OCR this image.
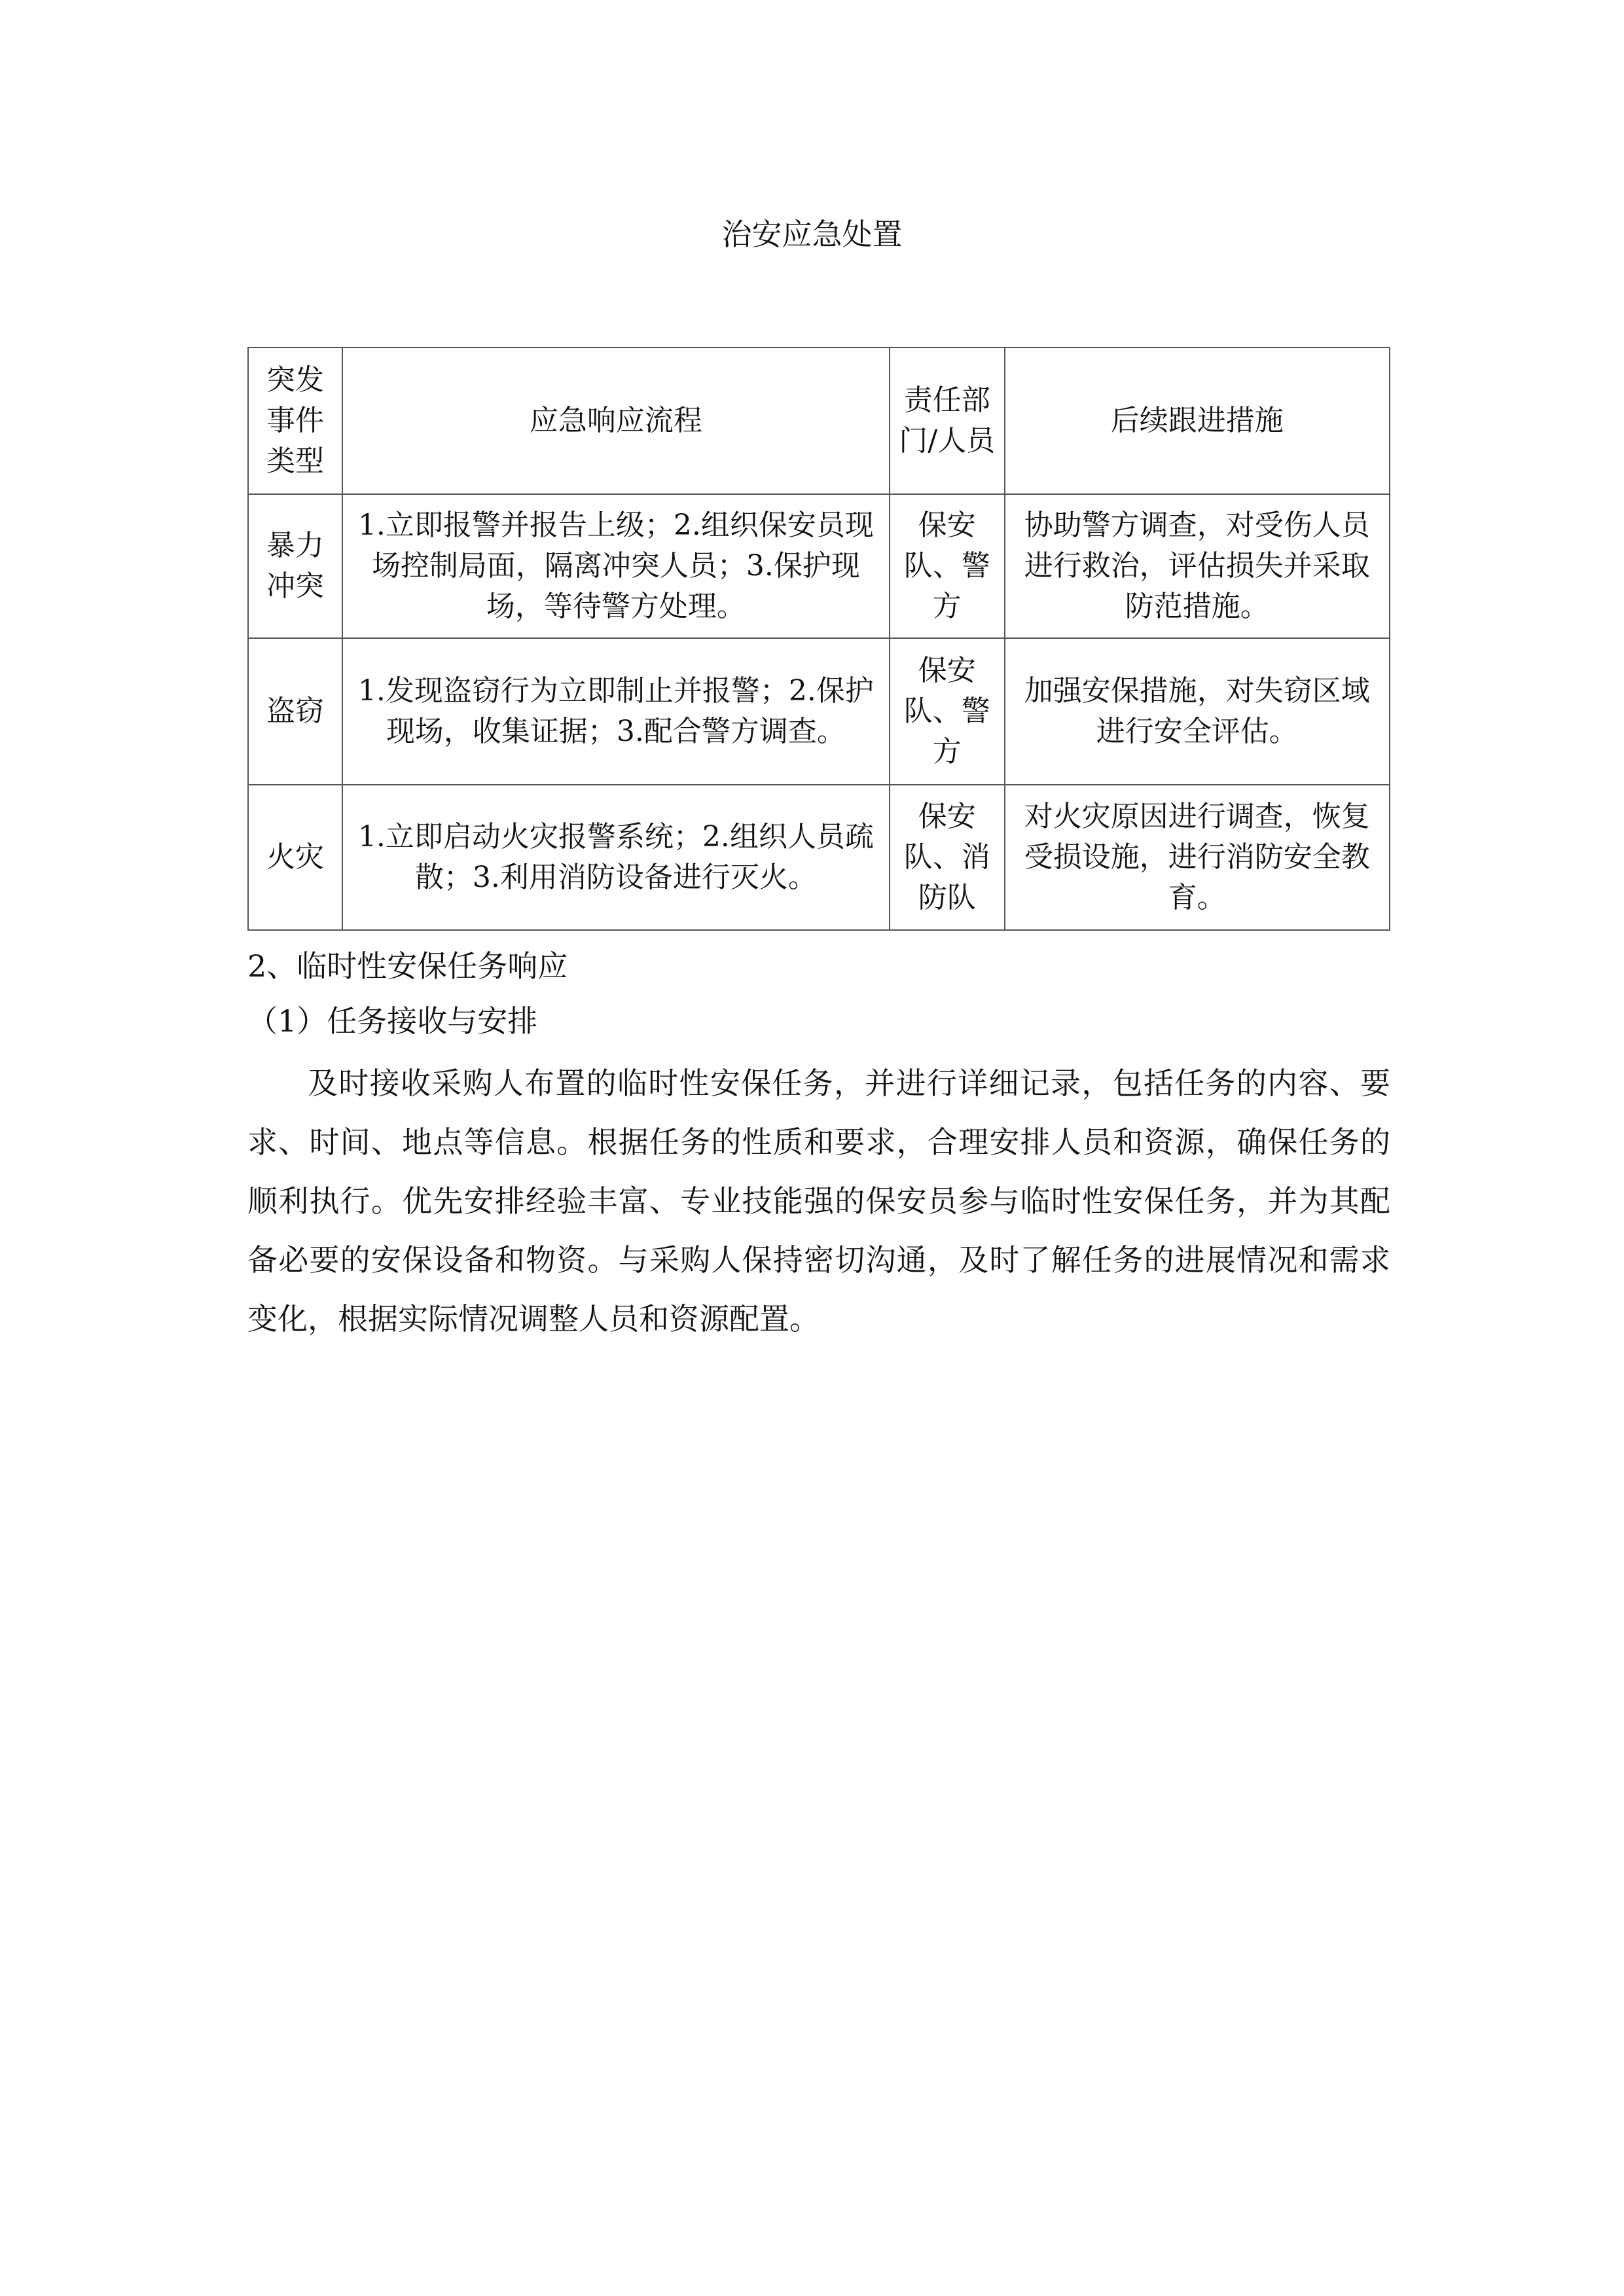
治安应急处置
突发事件类型	应急响应流程	责任部门/人员	后续跟进措施
暴力冲突	1.立即报警并报告上级；2.组织保安员现场控制局面，隔离冲突人员；3.保护现场，等待警方处理。	保安队、警方	协助警方调查，对受伤人员进行救治，评估损失并采取防范措施。
盗窃	1.发现盗窃行为立即制止并报警；2.保护现场，收集证据；3.配合警方调查。	保安队、警方	加强安保措施，对失窃区域进行安全评估。
火灾	1.立即启动火灾报警系统；2.组织人员疏散；3.利用消防设备进行灭火。	保安队、消防队	对火灾原因进行调查，恢复受损设施，进行消防安全教育。
2、临时性安保任务响应
（1）任务接收与安排

及时接收采购人布置的临时性安保任务，并进行详细记录，包括任务的内容、要求、时间、地点等信息。根据任务的性质和要求，合理安排人员和资源，确保任务的顺利执行。优先安排经验丰富、专业技能强的保安员参与临时性安保任务，并为其配备必要的安保设备和物资。与采购人保持密切沟通，及时了解任务的进展情况和需求变化，根据实际情况调整人员和资源配置。
